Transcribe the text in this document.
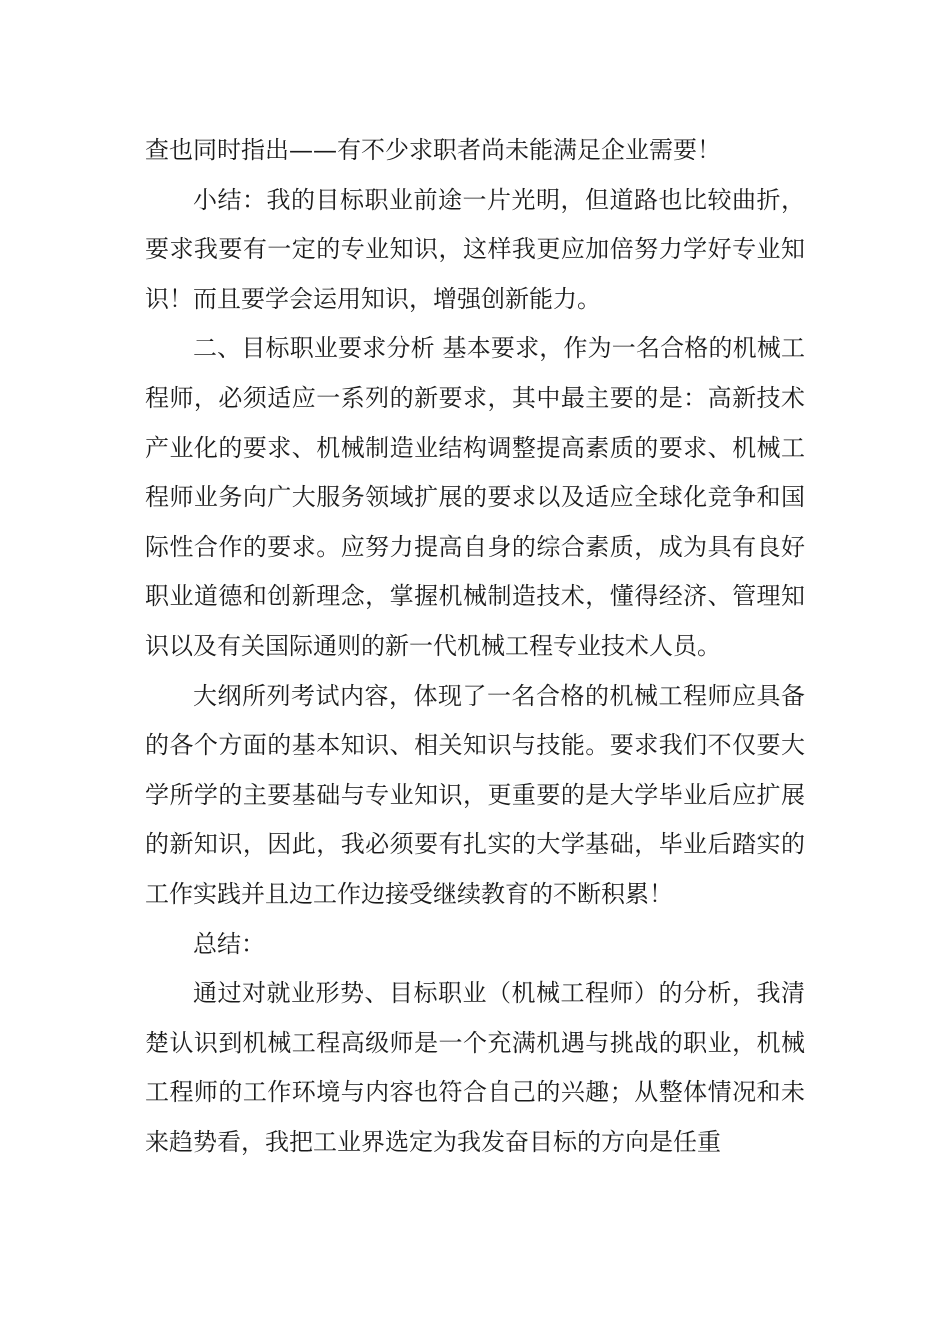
查也同时指出——有不少求职者尚未能满足企业需要！

小结：我的目标职业前途一片光明，但道路也比较曲折，要求我要有一定的专业知识，这样我更应加倍努力学好专业知识！而且要学会运用知识，增强创新能力。

二、目标职业要求分析 基本要求，作为一名合格的机械工程师，必须适应一系列的新要求，其中最主要的是：高新技术产业化的要求、机械制造业结构调整提高素质的要求、机械工程师业务向广大服务领域扩展的要求以及适应全球化竞争和国际性合作的要求。应努力提高自身的综合素质，成为具有良好职业道德和创新理念，掌握机械制造技术，懂得经济、管理知识以及有关国际通则的新一代机械工程专业技术人员。

大纲所列考试内容，体现了一名合格的机械工程师应具备的各个方面的基本知识、相关知识与技能。要求我们不仅要大学所学的主要基础与专业知识，更重要的是大学毕业后应扩展的新知识，因此，我必须要有扎实的大学基础，毕业后踏实的工作实践并且边工作边接受继续教育的不断积累！

总结：

通过对就业形势、目标职业（机械工程师）的分析，我清楚认识到机械工程高级师是一个充满机遇与挑战的职业，机械工程师的工作环境与内容也符合自己的兴趣；从整体情况和未来趋势看，我把工业界选定为我发奋目标的方向是任重
